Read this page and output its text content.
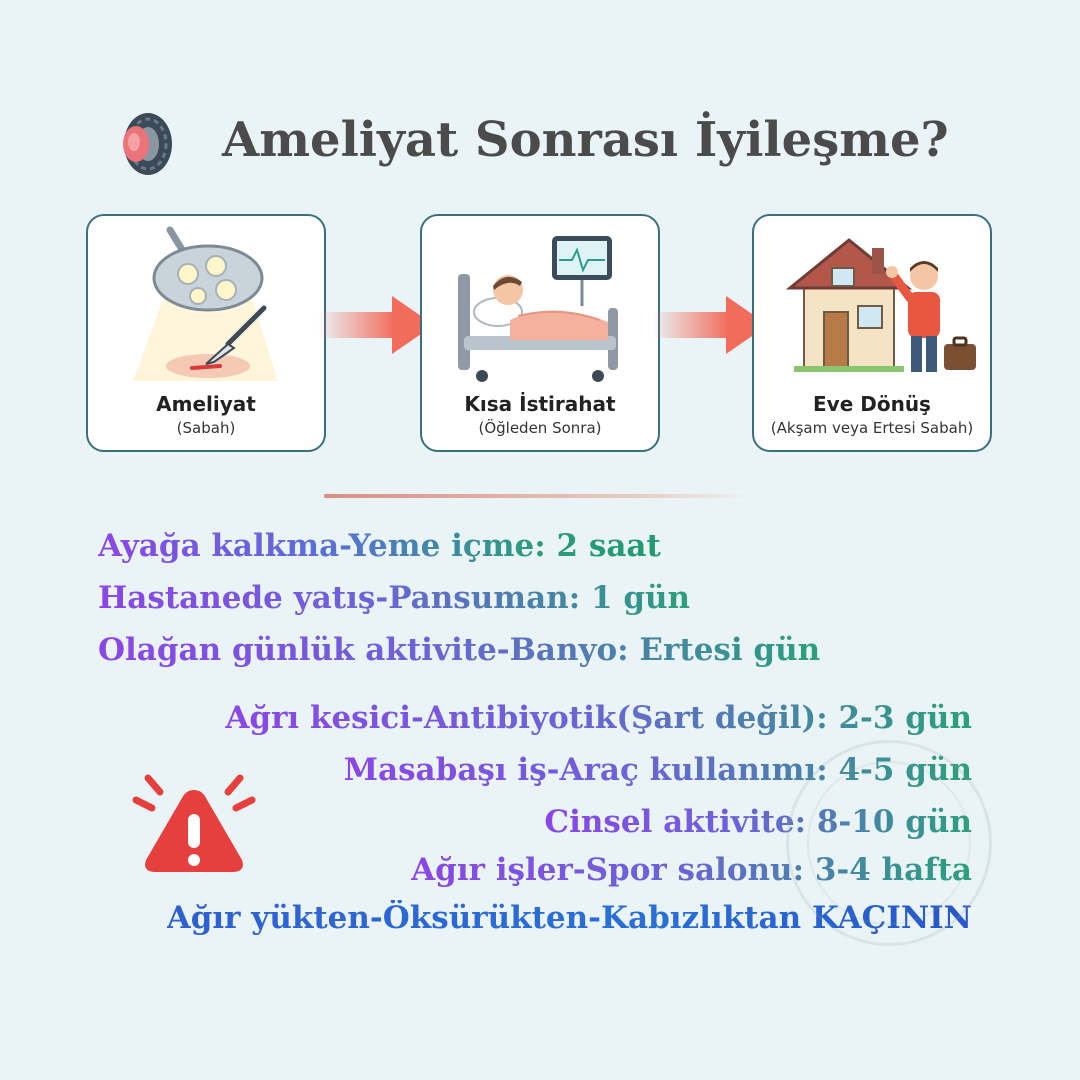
Ameliyat Sonrası İyileşme?
Ameliyat
(Sabah)
Kısa İstirahat
(Öğleden Sonra)
Eve Dönüş
(Akşam veya Ertesi Sabah)
Ayağa kalkma-Yeme içme: 2 saat
Hastanede yatış-Pansuman: 1 gün
Olağan günlük aktivite-Banyo: Ertesi gün
Ağrı kesici-Antibiyotik(Şart değil): 2-3 gün
Masabaşı iş-Araç kullanımı: 4-5 gün
Cinsel aktivite: 8-10 gün
Ağır işler-Spor salonu: 3-4 hafta
Ağır yükten-Öksürükten-Kabızlıktan KAÇININ
